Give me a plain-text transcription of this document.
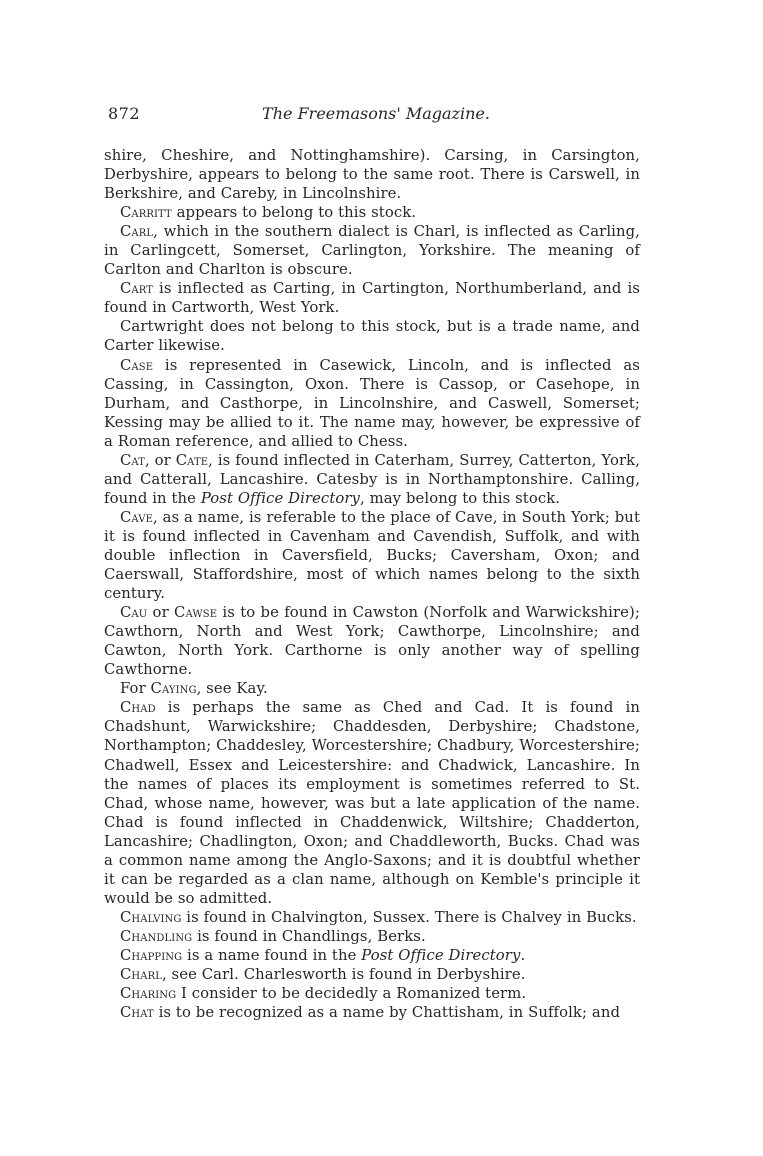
872	The Freemasons' Magazine.

shire, Cheshire, and Nottinghamshire). Carsing, in Carsington, Derbyshire, appears to belong to the same root. There is Carswell, in Berkshire, and Careby, in Lincolnshire.

Carritt appears to belong to this stock.

Carl, which in the southern dialect is Charl, is inflected as Carling, in Carlingcett, Somerset, Carlington, Yorkshire. The meaning of Carlton and Charlton is obscure.

Cart is inflected as Carting, in Cartington, Northumberland, and is found in Cartworth, West York.

Cartwright does not belong to this stock, but is a trade name, and Carter likewise.

Case is represented in Casewick, Lincoln, and is inflected as Cassing, in Cassington, Oxon. There is Cassop, or Casehope, in Durham, and Casthorpe, in Lincolnshire, and Caswell, Somerset; Kessing may be allied to it. The name may, however, be expressive of a Roman reference, and allied to Chess.

Cat, or Cate, is found inflected in Caterham, Surrey, Catterton, York, and Catterall, Lancashire. Catesby is in Northamptonshire. Calling, found in the Post Office Directory, may belong to this stock.

Cave, as a name, is referable to the place of Cave, in South York; but it is found inflected in Cavenham and Cavendish, Suffolk, and with double inflection in Caversfield, Bucks; Caversham, Oxon; and Caerswall, Staffordshire, most of which names belong to the sixth century.

Cau or Cawse is to be found in Cawston (Norfolk and Warwickshire); Cawthorn, North and West York; Cawthorpe, Lincolnshire; and Cawton, North York. Carthorne is only another way of spelling Cawthorne.

For Caying, see Kay.

Chad is perhaps the same as Ched and Cad. It is found in Chadshunt, Warwickshire; Chaddesden, Derbyshire; Chadstone, Northampton; Chaddesley, Worcestershire; Chadbury, Worcestershire; Chadwell, Essex and Leicestershire: and Chadwick, Lancashire. In the names of places its employment is sometimes referred to St. Chad, whose name, however, was but a late application of the name. Chad is found inflected in Chaddenwick, Wiltshire; Chadderton, Lancashire; Chadlington, Oxon; and Chaddleworth, Bucks. Chad was a common name among the Anglo-Saxons; and it is doubtful whether it can be regarded as a clan name, although on Kemble's principle it would be so admitted.

Chalving is found in Chalvington, Sussex. There is Chalvey in Bucks.

Chandling is found in Chandlings, Berks.

Chapping is a name found in the Post Office Directory.

Charl, see Carl. Charlesworth is found in Derbyshire.

Charing I consider to be decidedly a Romanized term.

Chat is to be recognized as a name by Chattisham, in Suffolk; and
